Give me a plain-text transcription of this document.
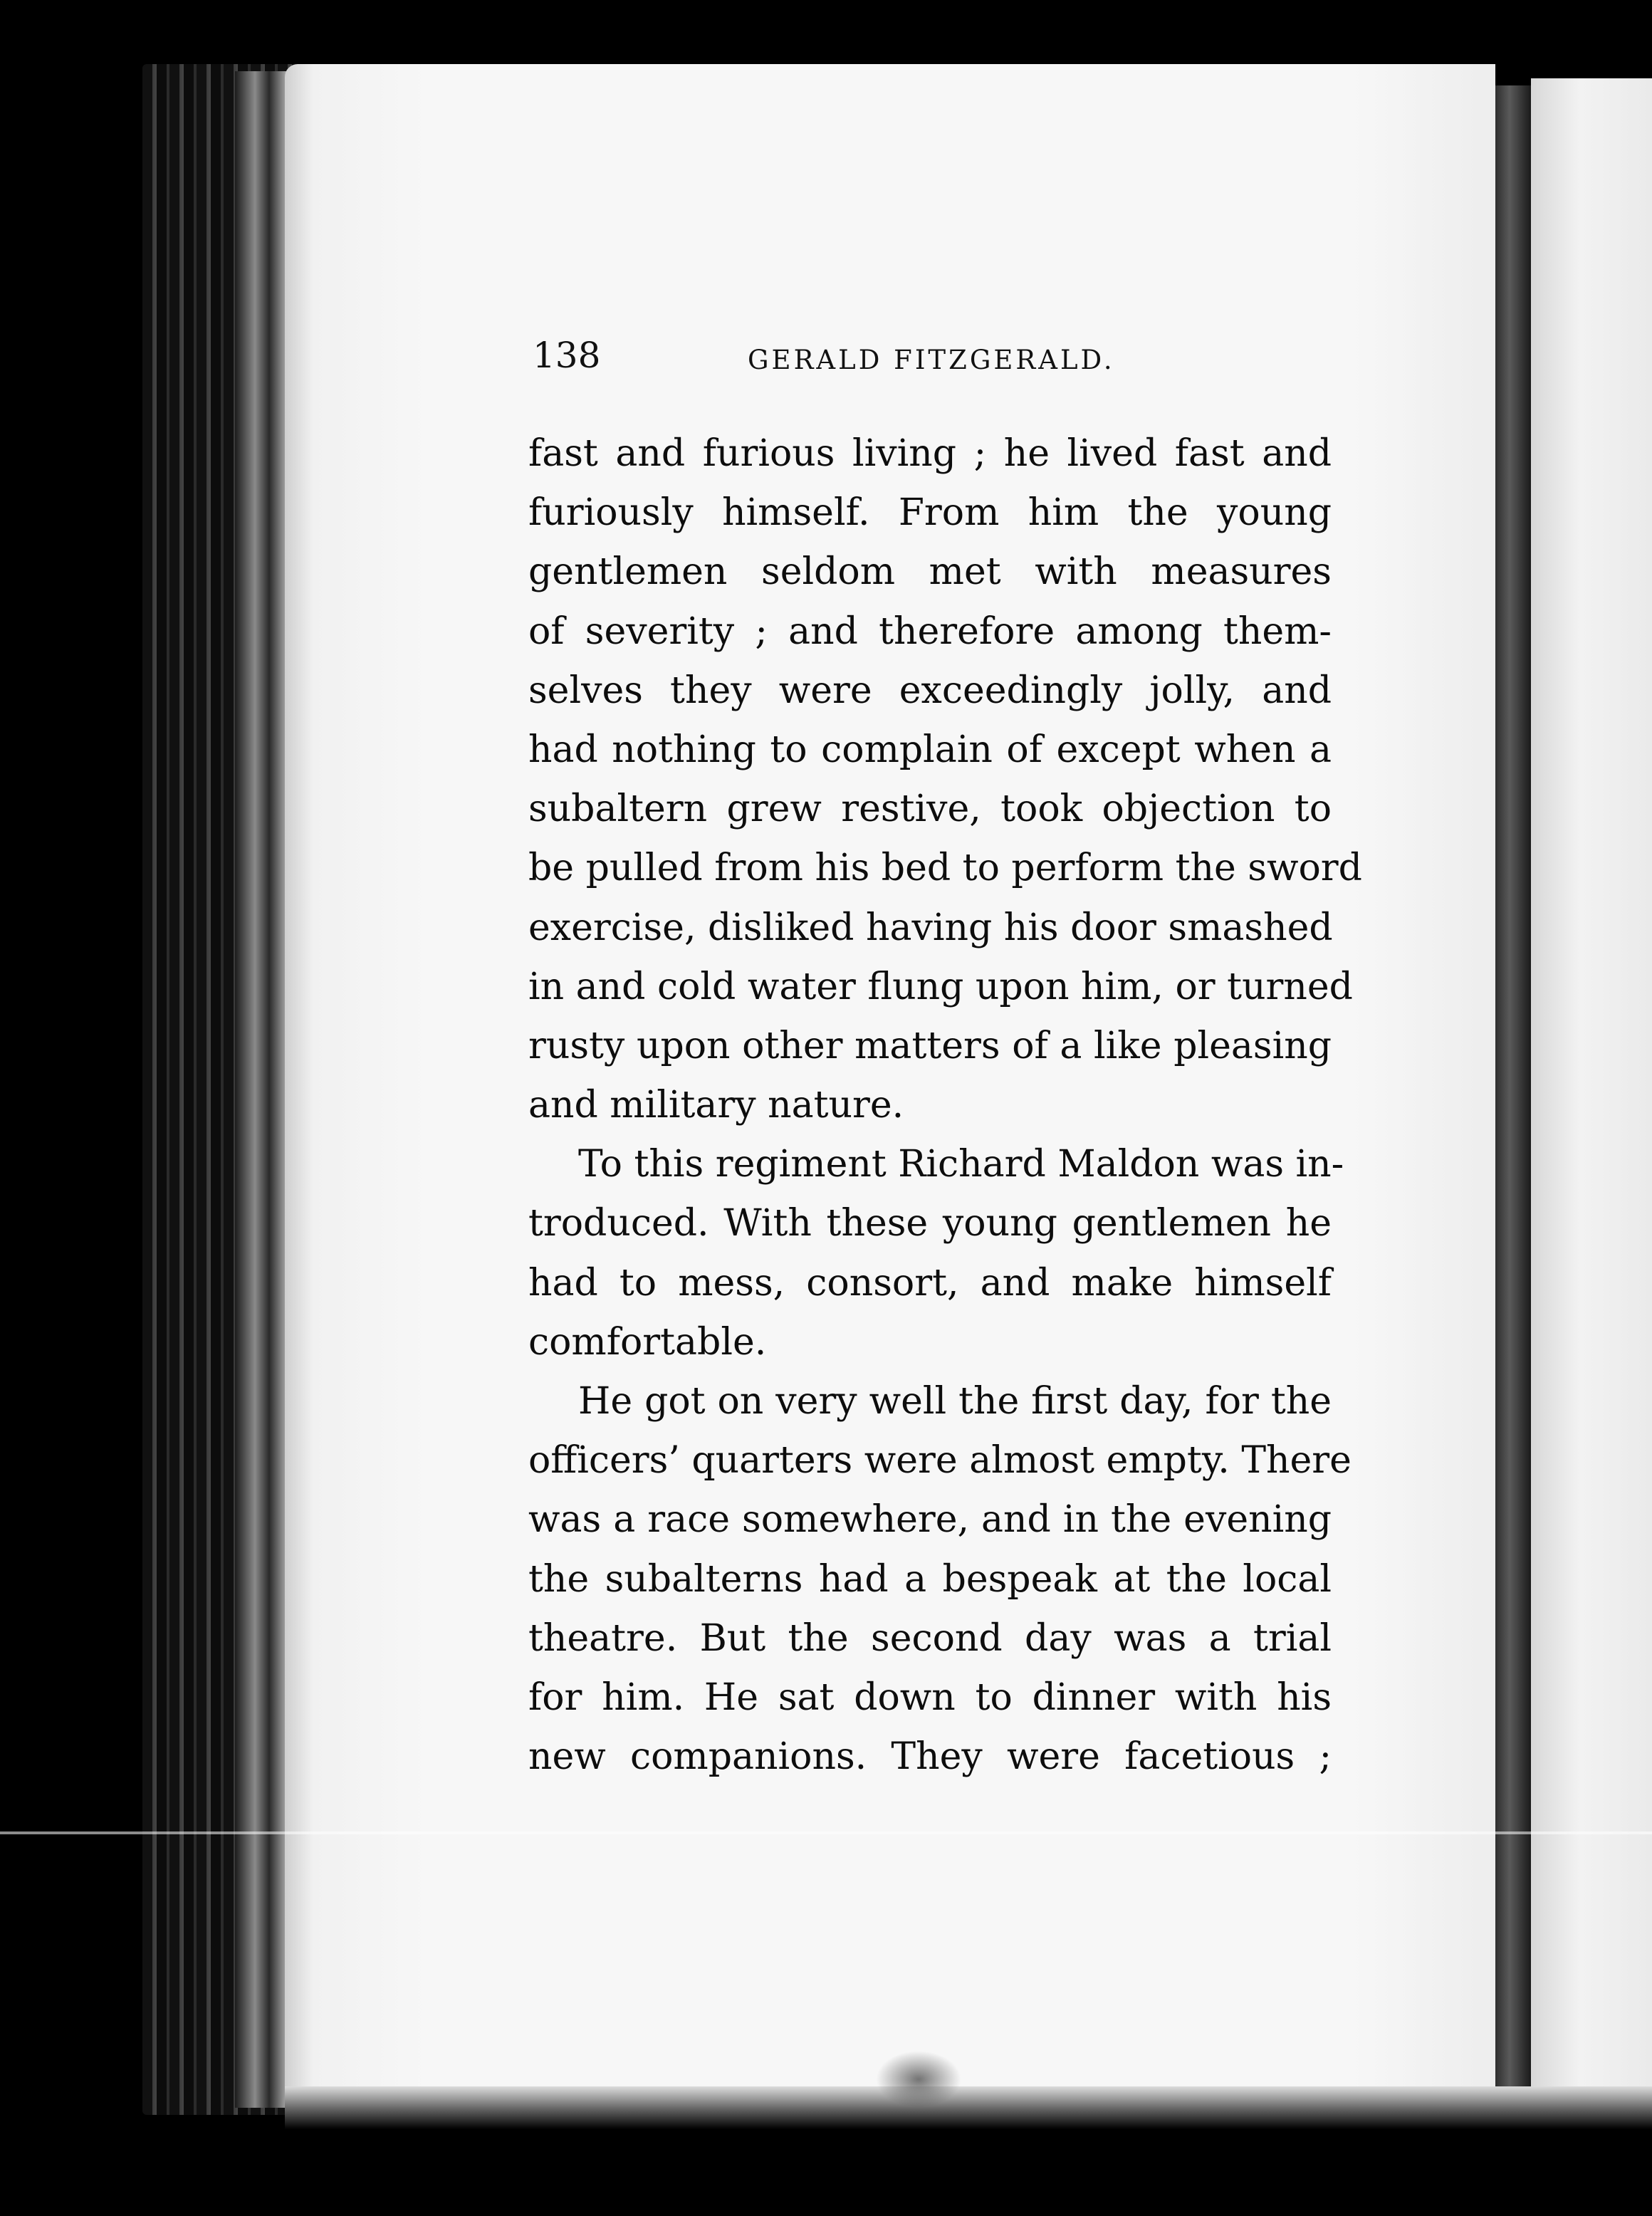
138	GERALD FITZGERALD.
fast and furious living ; he lived fast and
furiously himself. From him the young
gentlemen seldom met with measures
of severity ; and therefore among them-
selves they were exceedingly jolly, and
had nothing to complain of except when a
subaltern grew restive, took objection to
be pulled from his bed to perform the sword
exercise, disliked having his door smashed
in and cold water flung upon him, or turned
rusty upon other matters of a like pleasing
and military nature.
To this regiment Richard Maldon was in-
troduced. With these young gentlemen he
had to mess, consort, and make himself
comfortable.
He got on very well the first day, for the
officers’ quarters were almost empty. There
was a race somewhere, and in the evening
the subalterns had a bespeak at the local
theatre. But the second day was a trial
for him. He sat down to dinner with his
new companions. They were facetious ;
